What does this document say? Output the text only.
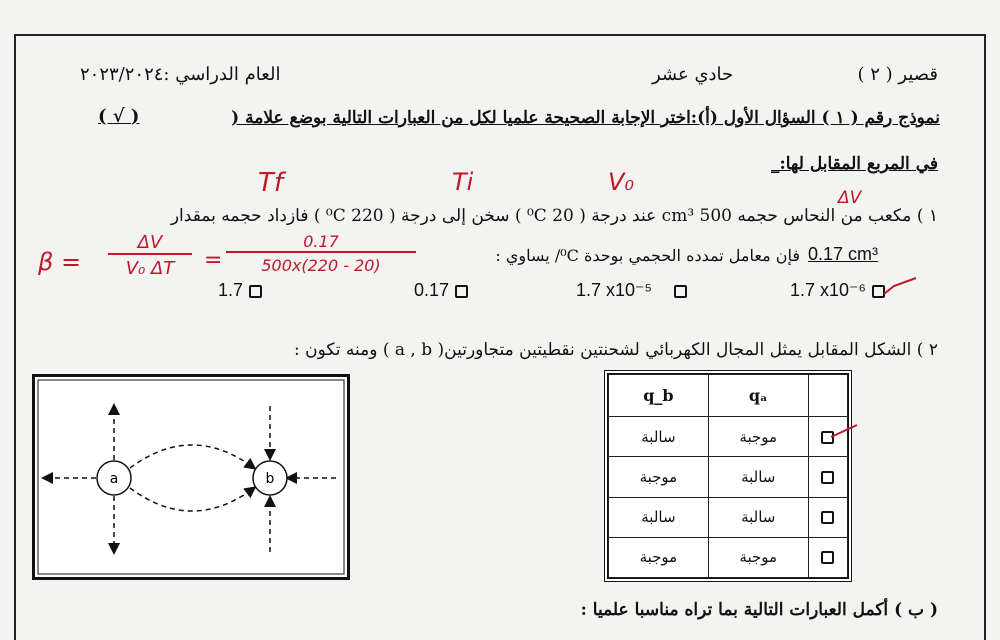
قصير ( ٢ )
حادي عشر
العام الدراسي :٢٠٢٣/٢٠٢٤
نموذج رقم ( ١ ) السؤال الأول (أ):اختر الإجابة الصحيحة علميا لكل من العبارات التالية بوضع علامة (
( √ )
في المربع المقابل لها:_
Tf	Ti	V₀
ΔV
β =
ΔV
V₀ ΔT	=
0.17
500x(220 - 20)
١ ) مكعب من النحاس حجمه 500 cm³ عند درجة ( 20 ⁰C ) سخن إلى درجة ( 220 ⁰C ) فازداد حجمه بمقدار
0.17 cm³
فإن معامل تمدده الحجمي بوحدة ⁰C/ يساوي :
1.7 x10⁻⁶
1.7 x10⁻⁵
0.17
1.7
٢ ) الشكل المقابل يمثل المجال الكهربائي لشحنتين نقطيتين متجاورتين( a , b ) ومنه تكون :
a	b
q_b	qₐ	
سالبة	موجبة	

موجبة	سالبة	
سالبة	سالبة	
موجبة	موجبة	
( ب ) أكمل العبارات التالية بما تراه مناسبا علميا :
